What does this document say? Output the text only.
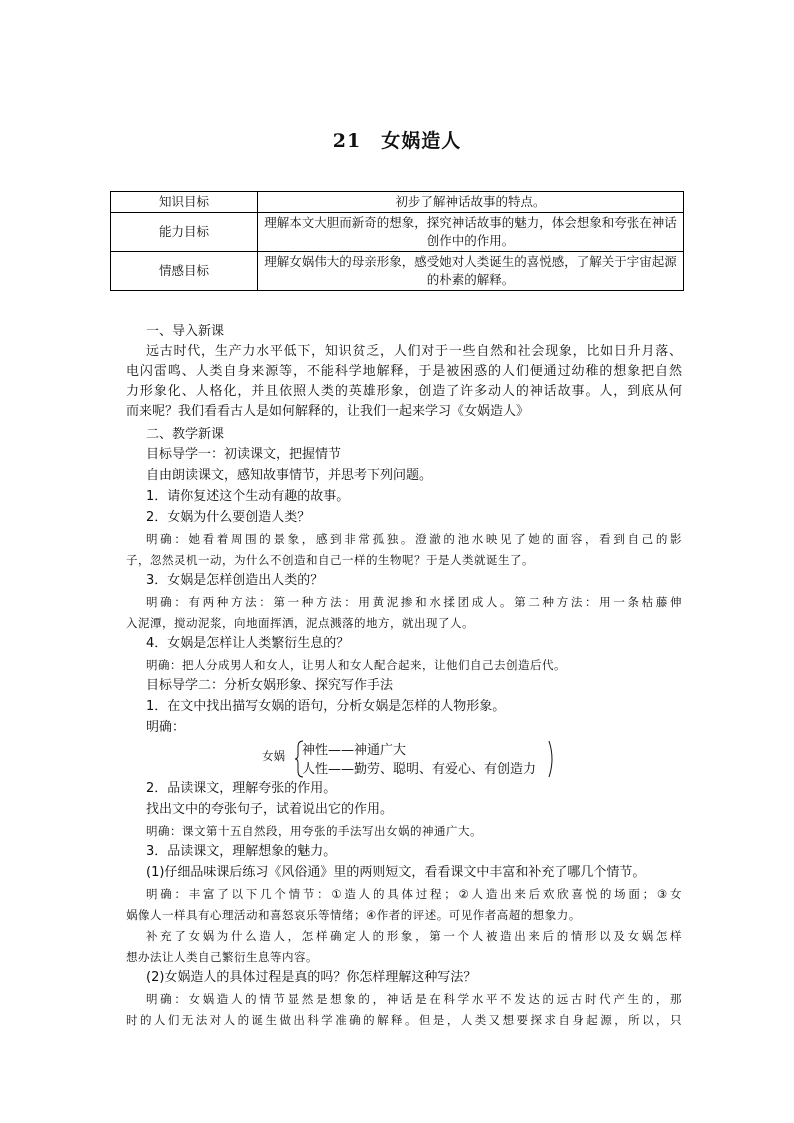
21　女娲造人
知识目标	初步了解神话故事的特点。
能力目标	理解本文大胆而新奇的想象，探究神话故事的魅力，体会想象和夸张在神话创作中的作用。
情感目标	理解女娲伟大的母亲形象，感受她对人类诞生的喜悦感，了解关于宇宙起源的朴素的解释。
一、导入新课
远古时代，生产力水平低下，知识贫乏，人们对于一些自然和社会现象，比如日升月落、
电闪雷鸣、人类自身来源等，不能科学地解释，于是被困惑的人们便通过幼稚的想象把自然
力形象化、人格化，并且依照人类的英雄形象，创造了许多动人的神话故事。人，到底从何
而来呢？我们看看古人是如何解释的，让我们一起来学习《女娲造人》
二、教学新课
目标导学一：初读课文，把握情节
自由朗读课文，感知故事情节，并思考下列问题。
1．请你复述这个生动有趣的故事。
2．女娲为什么要创造人类？
明确：她看着周围的景象，感到非常孤独。澄澈的池水映见了她的面容，看到自己的影
子，忽然灵机一动，为什么不创造和自己一样的生物呢？于是人类就诞生了。
3．女娲是怎样创造出人类的？
明确：有两种方法：第一种方法：用黄泥掺和水揉团成人。第二种方法：用一条枯藤伸
入泥潭，搅动泥浆，向地面挥洒，泥点溅落的地方，就出现了人。
4．女娲是怎样让人类繁衍生息的？
明确：把人分成男人和女人，让男人和女人配合起来，让他们自己去创造后代。
目标导学二：分析女娲形象、探究写作手法
1．在文中找出描写女娲的语句，分析女娲是怎样的人物形象。
明确：
女娲 神性——神通广大
人性——勤劳、聪明、有爱心、有创造力
2．品读课文，理解夸张的作用。
找出文中的夸张句子，试着说出它的作用。
明确：课文第十五自然段，用夸张的手法写出女娲的神通广大。
3．品读课文，理解想象的魅力。
(1)仔细品味课后练习《风俗通》里的两则短文，看看课文中丰富和补充了哪几个情节。
明确：丰富了以下几个情节：①造人的具体过程；②人造出来后欢欣喜悦的场面；③女
娲像人一样具有心理活动和喜怒哀乐等情绪；④作者的评述。可见作者高超的想象力。
补充了女娲为什么造人，怎样确定人的形象，第一个人被造出来后的情形以及女娲怎样
想办法让人类自己繁衍生息等内容。
(2)女娲造人的具体过程是真的吗？你怎样理解这种写法？
明确：女娲造人的情节显然是想象的，神话是在科学水平不发达的远古时代产生的，那
时的人们无法对人的诞生做出科学准确的解释。但是，人类又想要探求自身起源，所以，只
